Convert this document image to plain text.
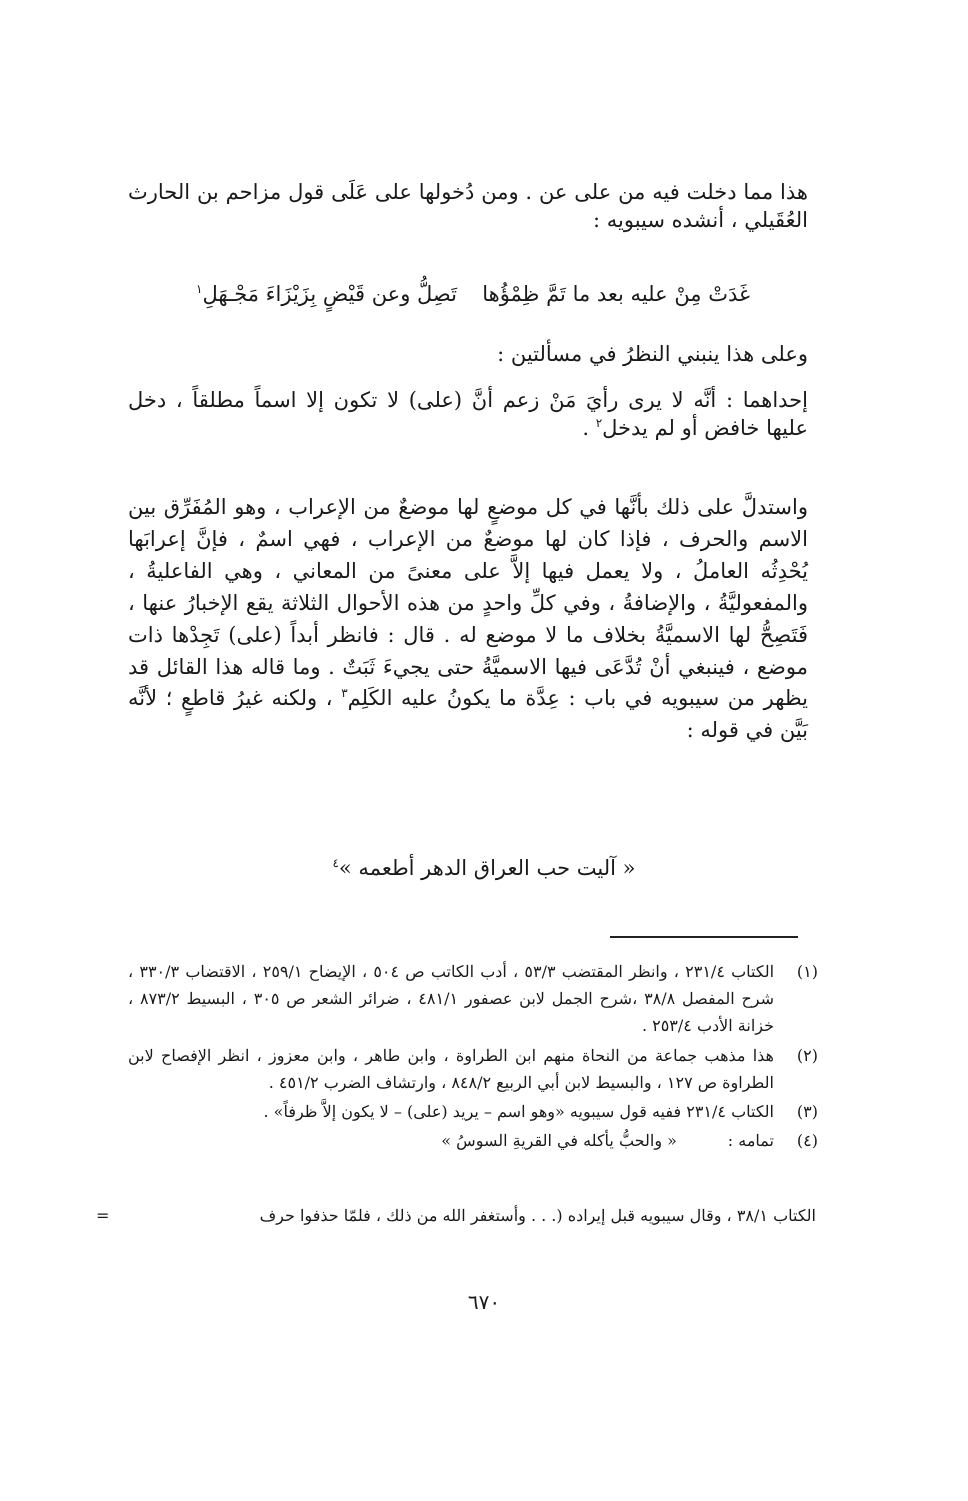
هذا مما دخلت فيه من على عن . ومن دُخولها على عَلَى قول مزاحم بن الحارث العُقَيلي ، أنشده سيبويه :
غَدَتْ مِنْ عليه بعد ما تَمَّ ظِمْؤُها
تَصِلُّ وعن قَيْضٍ بِزَيْزَاءَ مَجْـهَلِ$^١$
وعلى هذا ينبني النظرُ في مسألتين :
إحداهما : أنَّه لا يرى رأيَ مَنْ زعم أنَّ (على) لا تكون إلا اسماً مطلقاً ، دخل عليها خافض أو لم يدخل$^٢$ .
واستدلَّ على ذلك بأنَّها في كل موضعٍ لها موضعٌ من الإعراب ، وهو المُفَرِّق بين الاسم والحرف ، فإذا كان لها موضعٌ من الإعراب ، فهي اسمٌ ، فإنَّ إعرابَها يُحْدِثُه العاملُ ، ولا يعمل فيها إلاَّ على معنىً من المعاني ، وهي الفاعليةُ ، والمفعوليَّةُ ، والإضافةُ ، وفي كلِّ واحدٍ من هذه الأحوال الثلاثة يقع الإخبارُ عنها ، فَتَصِحُّ لها الاسميَّةُ بخلاف ما لا موضع له . قال : فانظر أبداً (على) تَجِدْها ذات موضع ، فينبغي أنْ تُدَّعَى فيها الاسميَّةُ حتى يجيءَ ثَبَتٌ . وما قاله هذا القائل قد يظهر من سيبويه في باب : عِدَّة ما يكونُ عليه الكَلِم$^٣$ ، ولكنه غيرُ قاطعٍ ؛ لأنَّه بَيَّن في قوله :
« آليت حب العراق الدهر أطعمه »$^٤$
(١)
الكتاب ٢٣١/٤ ، وانظر المقتضب ٥٣/٣ ، أدب الكاتب ص ٥٠٤ ، الإيضاح ٢٥٩/١ ، الاقتضاب ٣٣٠/٣ ، شرح المفصل ٣٨/٨ ،شرح الجمل لابن عصفور ٤٨١/١ ، ضرائر الشعر ص ٣٠٥ ، البسيط ٨٧٣/٢ ، خزانة الأدب ٢٥٣/٤ .
(٢)
هذا مذهب جماعة من النحاة منهم ابن الطراوة ، وابن طاهر ، وابن معزوز ، انظر الإفصاح لابن الطراوة ص ١٢٧ ، والبسيط لابن أبي الربيع ٨٤٨/٢ ، وارتشاف الضرب ٤٥١/٢ .
(٣)
الكتاب ٢٣١/٤ ففيه قول سيبويه «وهو اسم – يريد (على) – لا يكون إلاَّ ظرفاً» .
(٤)
تمامه :          « والحبُّ يأكله في القريةِ السوسُ »
الكتاب ٣٨/١ ، وقال سيبويه قبل إيراده (. . . وأستغفر الله من ذلك ، فلمّا حذفوا حرف
=
٦٧٠
